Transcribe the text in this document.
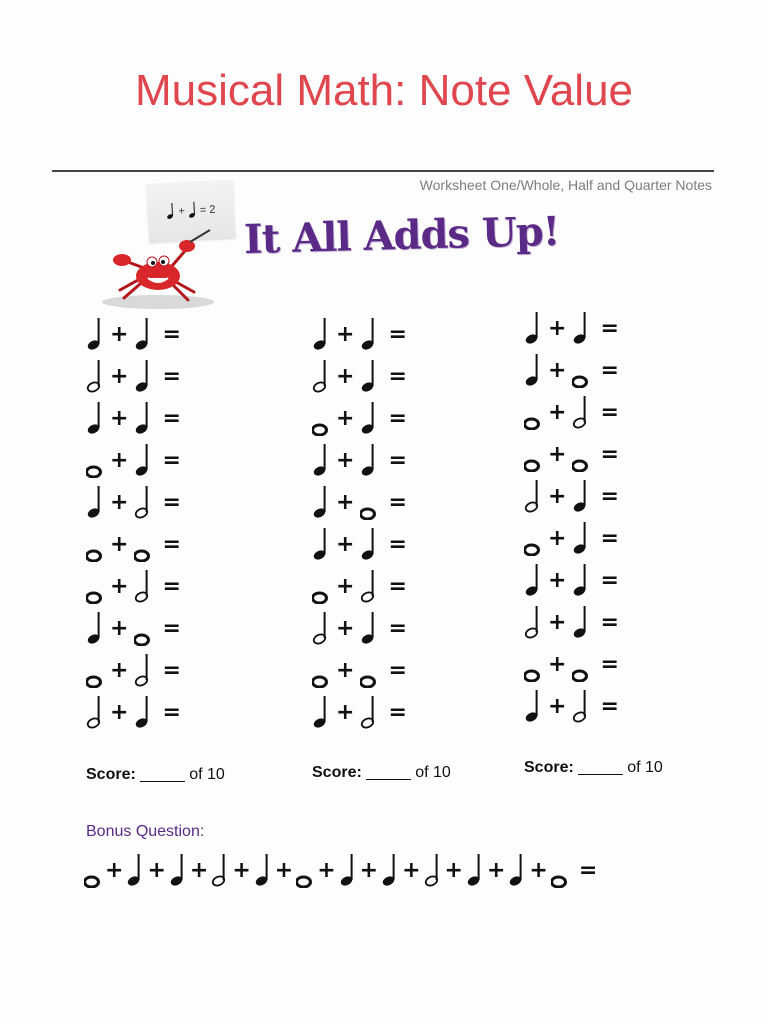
Musical Math: Note Value
Worksheet One/Whole, Half and Quarter Notes
+ = 2 It All Adds Up!
+ =
+ =
+ =
+ =
+ =
+ =
+ =
+ =
+ =
+ =
+ =
+ =
+ =
+ =
+ =
+ =
+ =
+ =
+ =
+ =
+ =
+ =
+ =
+ =
+ =
+ =
+ =
+ =
+ =
+ =
Score: _____ of 10	Score: _____ of 10	Score: _____ of 10
Bonus Question:
+ + + + + + + + + + + =
